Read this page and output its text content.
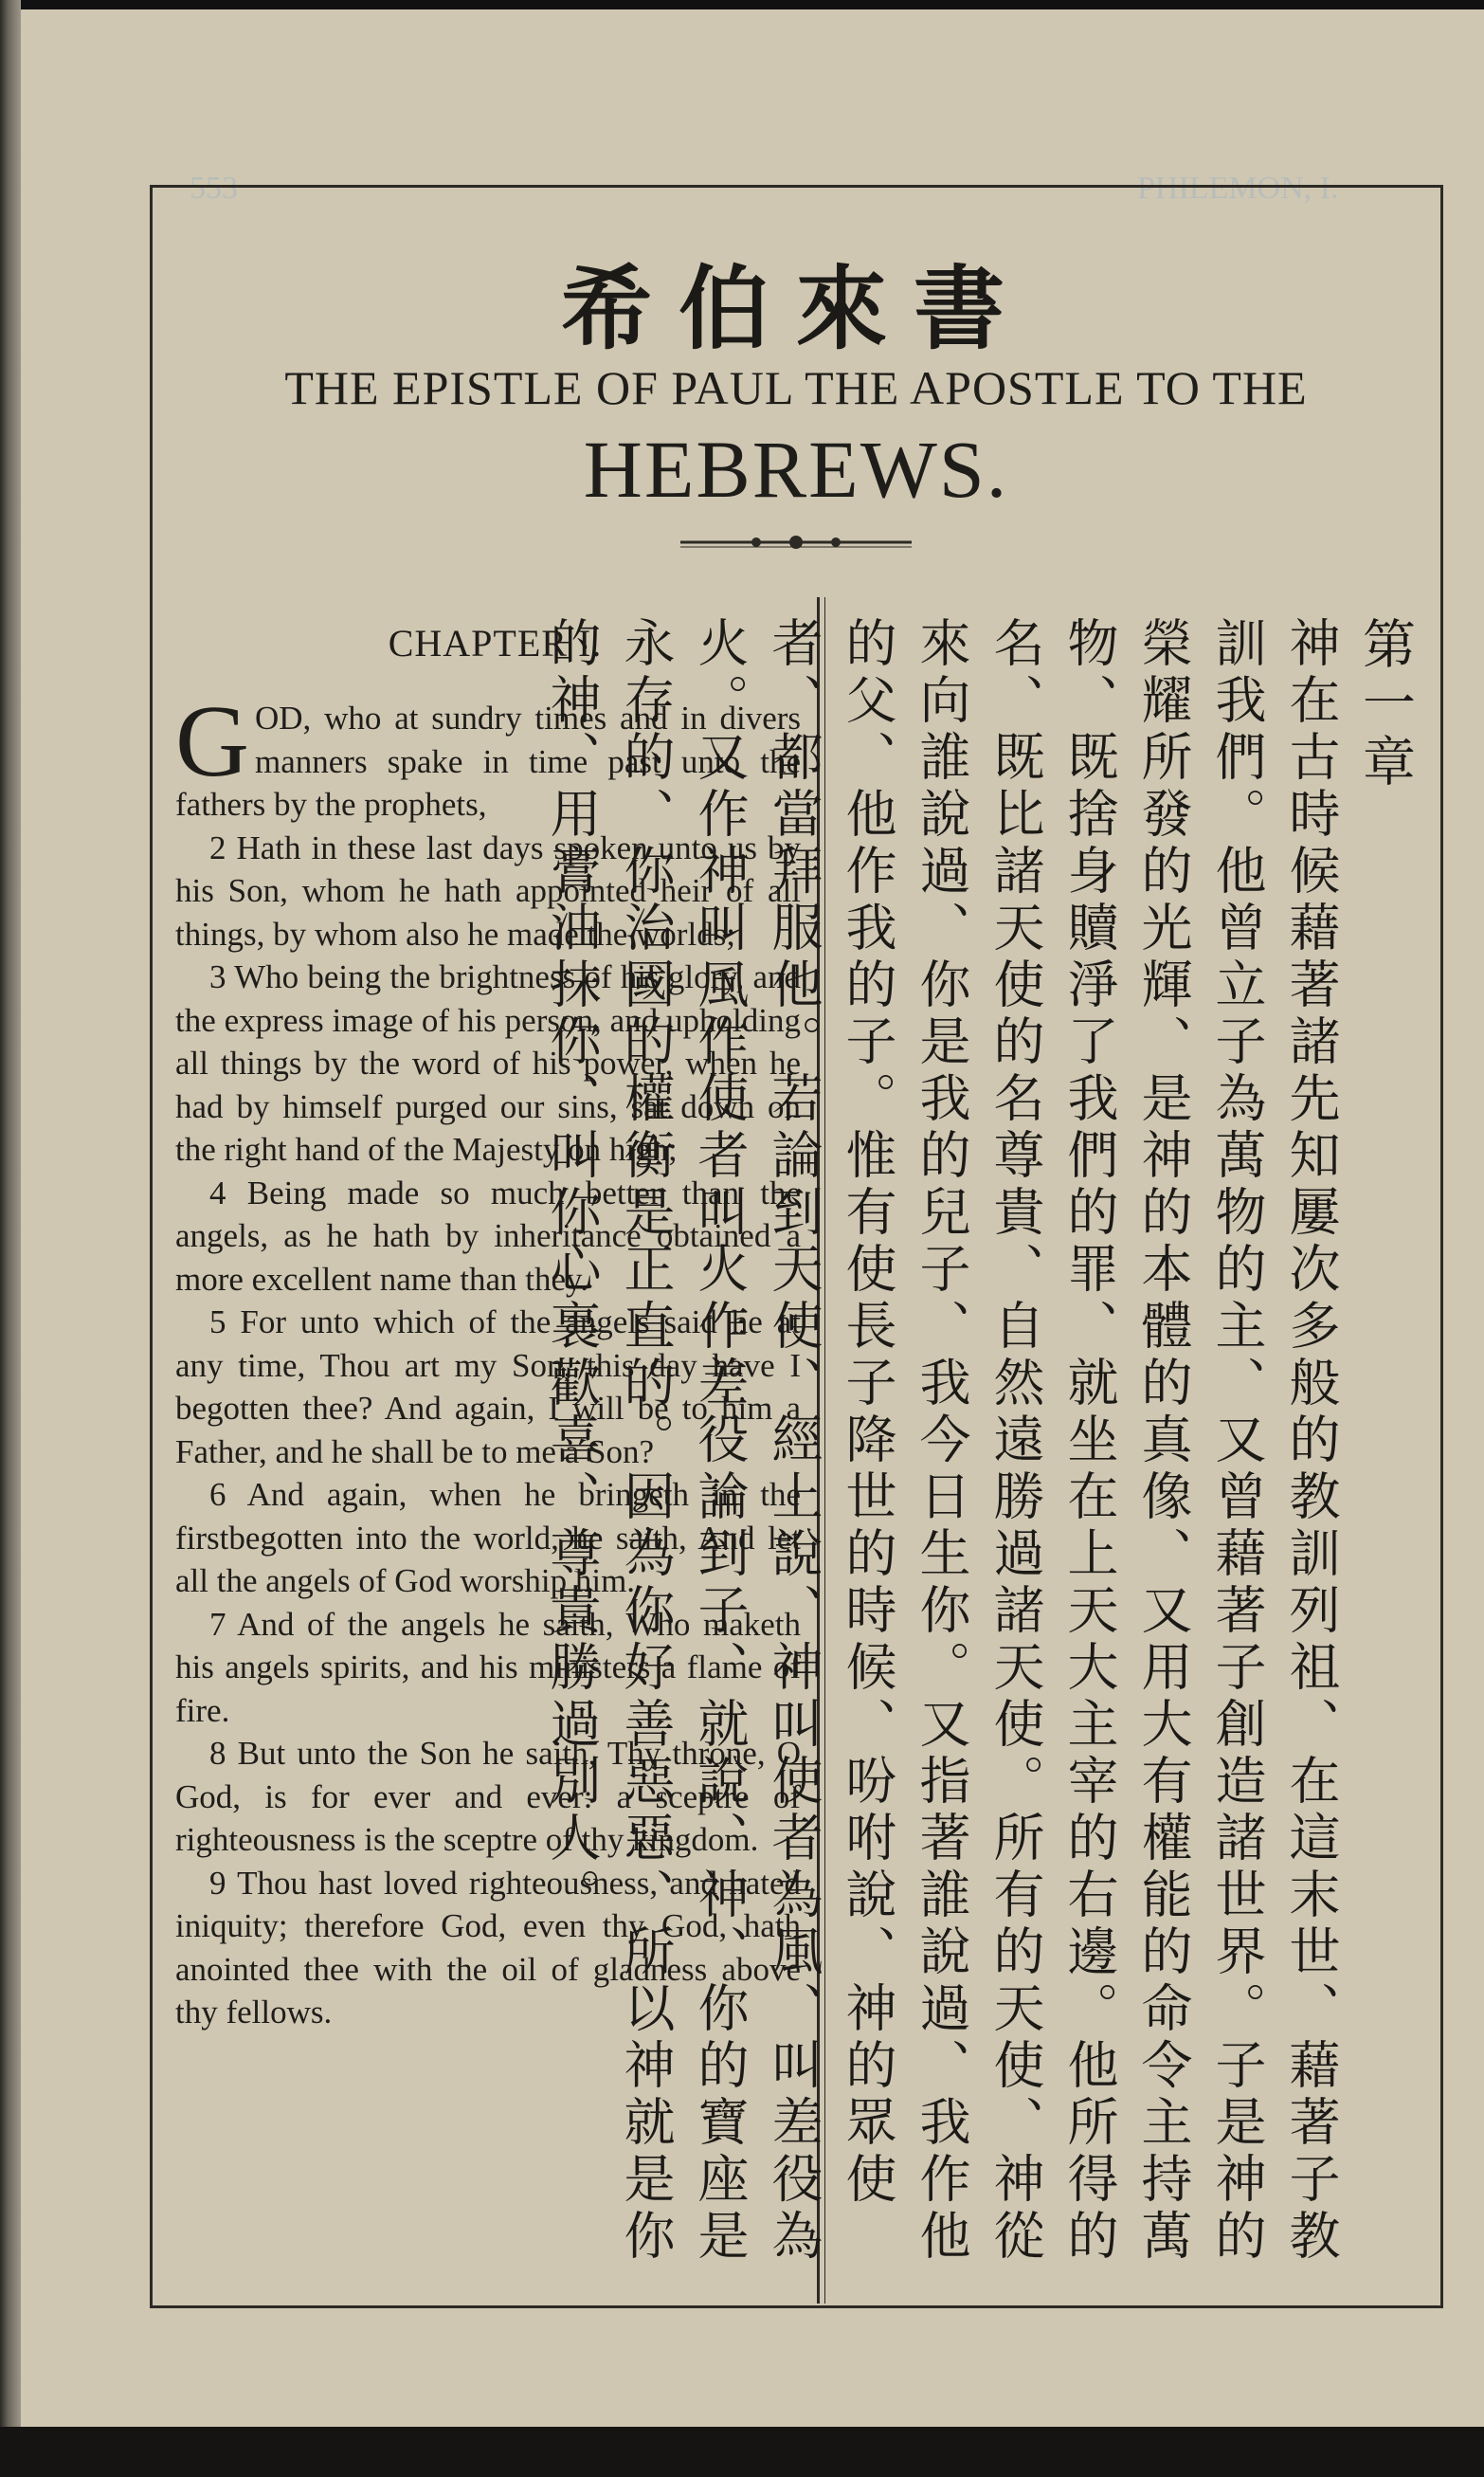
553	PHILEMON, I.
希伯來書
THE EPISTLE OF PAUL THE APOSTLE TO THE
HEBREWS.
CHAPTER I.

GOD, who at sundry times and in divers manners spake in time past unto the fathers by the prophets,

2 Hath in these last days spoken unto us by his Son, whom he hath appointed heir of all things, by whom also he made the worlds;

3 Who being the brightness of his glory, and the express image of his person, and upholding all things by the word of his power, when he had by himself purged our sins, sat down on the right hand of the Majesty on high;

4 Being made so much better than the angels, as he hath by inheritance obtained a more excellent name than they.

5 For unto which of the angels said he at any time, Thou art my Son, this day have I begotten thee? And again, I will be to him a Father, and he shall be to me a Son?

6 And again, when he bringeth in the firstbegotten into the world, he saith, And let all the angels of God worship him.

7 And of the angels he saith, Who maketh his angels spirits, and his ministers a flame of fire.

8 But unto the Son he saith, Thy throne, O God, is for ever and ever: a sceptre of righteousness is the sceptre of thy kingdom.

9 Thou hast loved righteousness, and hated iniquity; therefore God, even thy God, hath anointed thee with the oil of gladness above thy fellows.

第一章
神在古時候藉著諸先知屢次多般的教訓列祖、在這末世、藉著子教訓我們。他曾立子為萬物的主、又曾藉著子創造諸世界。子是神的榮耀所發的光輝、是神的本體的真像、又用大有權能的命令主持萬物、既捨身贖淨了我們的罪、就坐在上天大主宰的右邊。他所得的名、既比諸天使的名尊貴、自然遠勝過諸天使。所有的天使、神從來向誰說過、你是我的兒子、我今日生你。又指著誰說過、我作他的父、他作我的子。惟有使長子降世的時候、吩咐說、神的眾使者、都當拜服他。若論到天使、經上說、神叫使者為風、叫差役為火。又作神叫風作使者叫火作差役論到子、就說、神、你的寶座是永存的、你治國的權衡是正直的。因為你好善惡惡、所以神就是你的神、用膏油抹你、叫你心裏歡喜、尊貴勝過別人。
